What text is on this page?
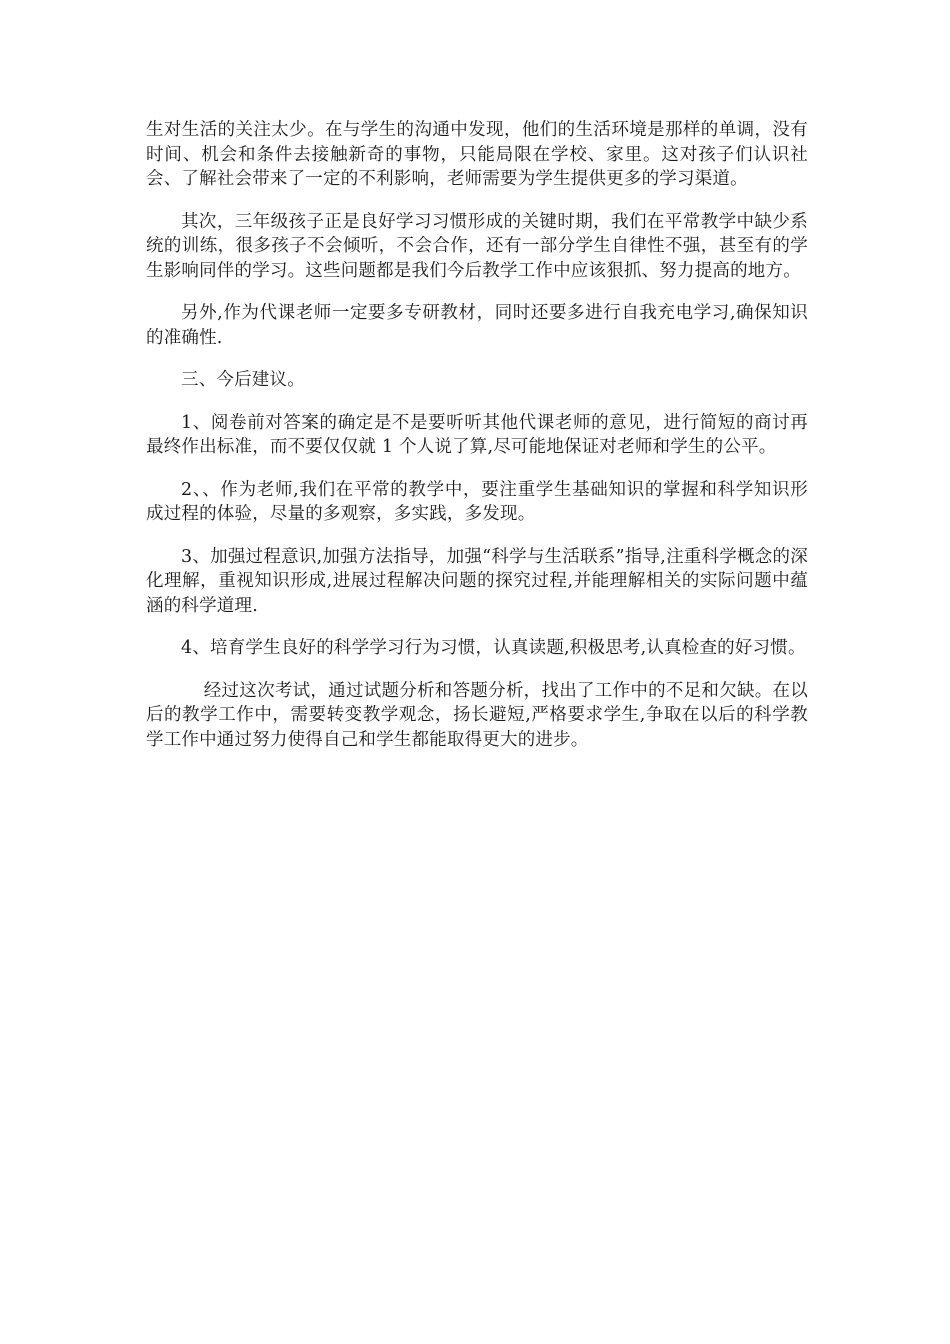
生对生活的关注太少。在与学生的沟通中发现，他们的生活环境是那样的单调，没有时间、机会和条件去接触新奇的事物，只能局限在学校、家里。这对孩子们认识社会、了解社会带来了一定的不利影响，老师需要为学生提供更多的学习渠道。

其次，三年级孩子正是良好学习习惯形成的关键时期，我们在平常教学中缺少系统的训练，很多孩子不会倾听，不会合作，还有一部分学生自律性不强，甚至有的学生影响同伴的学习。这些问题都是我们今后教学工作中应该狠抓、努力提高的地方。

另外,作为代课老师一定要多专研教材，同时还要多进行自我充电学习,确保知识的准确性.

三、今后建议。

1、阅卷前对答案的确定是不是要听听其他代课老师的意见，进行简短的商讨再最终作出标准，而不要仅仅就 1 个人说了算,尽可能地保证对老师和学生的公平。

2、、作为老师,我们在平常的教学中，要注重学生基础知识的掌握和科学知识形成过程的体验，尽量的多观察，多实践，多发现。

3、加强过程意识,加强方法指导，加强“科学与生活联系”指导,注重科学概念的深化理解，重视知识形成,进展过程解决问题的探究过程,并能理解相关的实际问题中蕴涵的科学道理.

4、培育学生良好的科学学习行为习惯，认真读题,积极思考,认真检查的好习惯。

经过这次考试，通过试题分析和答题分析，找出了工作中的不足和欠缺。在以后的教学工作中，需要转变教学观念，扬长避短,严格要求学生,争取在以后的科学教学工作中通过努力使得自己和学生都能取得更大的进步。
